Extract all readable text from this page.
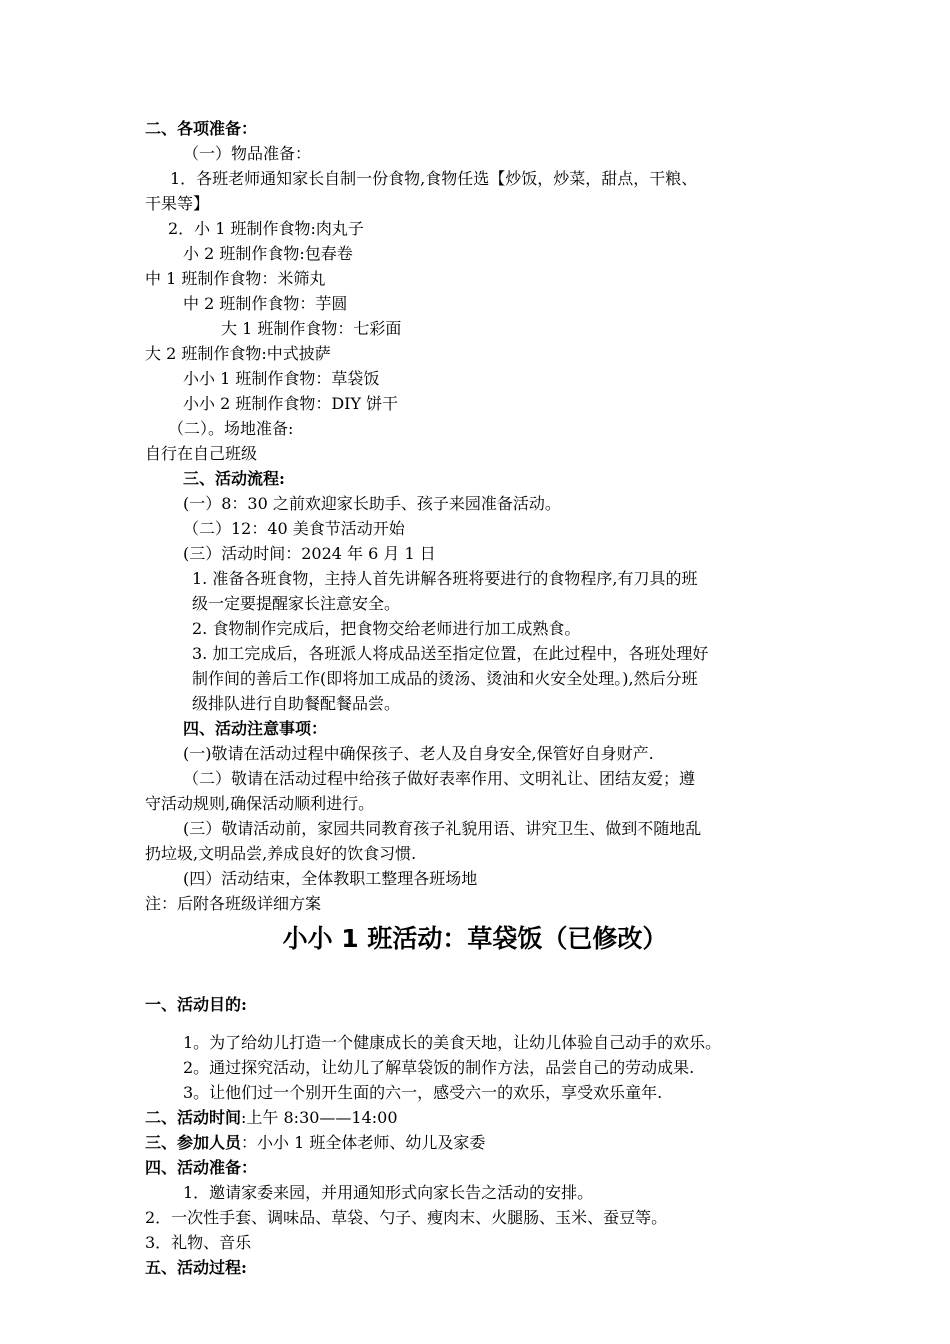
二、各项准备：
（一）物品准备：
1．各班老师通知家长自制一份食物,食物任选【炒饭，炒菜，甜点，干粮、
干果等】
2．小 1 班制作食物:肉丸子
小 2 班制作食物:包春卷
中 1 班制作食物：米筛丸
中 2 班制作食物：芋圆
大 1 班制作食物：七彩面
大 2 班制作食物:中式披萨
小小 1 班制作食物：草袋饭
小小 2 班制作食物：DIY 饼干
（二）。场地准备:
自行在自己班级
三、活动流程:
(一）8：30 之前欢迎家长助手、孩子来园准备活动。
（二）12：40 美食节活动开始
(三）活动时间：2024 年 6 月 1 日
1. 准备各班食物，主持人首先讲解各班将要进行的食物程序,有刀具的班
级一定要提醒家长注意安全。
2. 食物制作完成后，把食物交给老师进行加工成熟食。
3. 加工完成后，各班派人将成品送至指定位置，在此过程中，各班处理好
制作间的善后工作(即将加工成品的烫汤、烫油和火安全处理。),然后分班
级排队进行自助餐配餐品尝。
四、活动注意事项：
(一)敬请在活动过程中确保孩子、老人及自身安全,保管好自身财产.
（二）敬请在活动过程中给孩子做好表率作用、文明礼让、团结友爱；遵
守活动规则,确保活动顺利进行。
(三）敬请活动前，家园共同教育孩子礼貌用语、讲究卫生、做到不随地乱
扔垃圾,文明品尝,养成良好的饮食习惯.
(四）活动结束，全体教职工整理各班场地
注：后附各班级详细方案
小小 1 班活动：草袋饭（已修改）
一、活动目的:
1。为了给幼儿打造一个健康成长的美食天地，让幼儿体验自己动手的欢乐。
2。通过探究活动，让幼儿了解草袋饭的制作方法，品尝自己的劳动成果.
3。让他们过一个别开生面的六一，感受六一的欢乐，享受欢乐童年.
二、活动时间:上午 8:30——14:00
三、参加人员：小小 1 班全体老师、幼儿及家委
四、活动准备：
1．邀请家委来园，并用通知形式向家长告之活动的安排。
2．一次性手套、调味品、草袋、勺子、瘦肉末、火腿肠、玉米、蚕豆等。
3．礼物、音乐
五、活动过程:
